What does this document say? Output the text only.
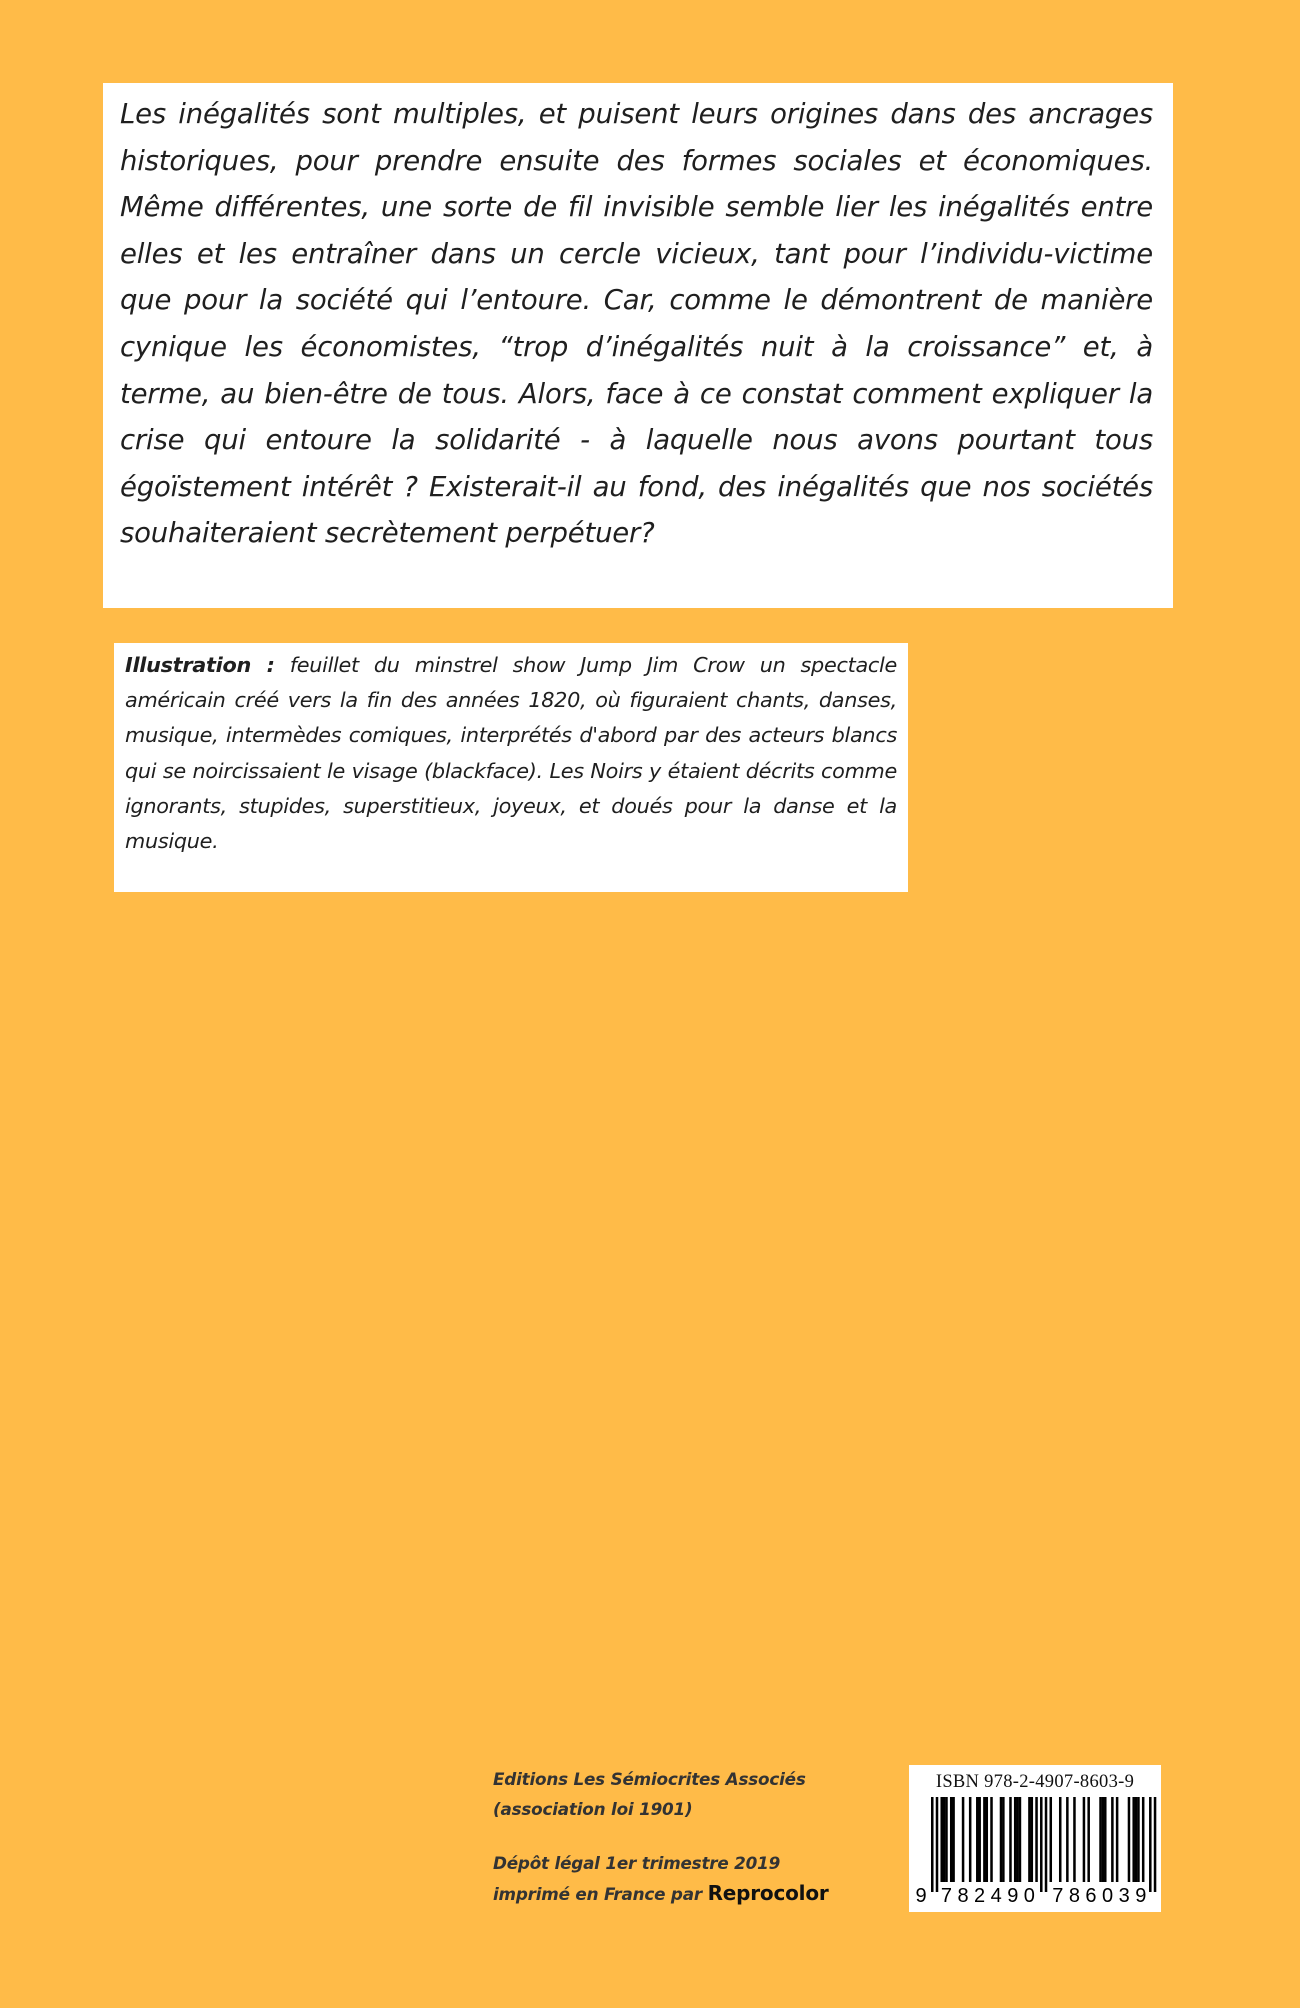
Les inégalités sont multiples, et puisent leurs origines dans des ancrages historiques, pour prendre ensuite des formes sociales et économiques. Même différentes, une sorte de fil invisible semble lier les inégalités entre elles et les entraîner dans un cercle vicieux, tant pour l’individu-victime que pour la société qui l’entoure. Car, comme le démontrent de manière cynique les économistes, “trop d’inégalités nuit à la croissance” et, à terme, au bien-être de tous. Alors, face à ce constat comment expliquer la crise qui entoure la solidarité - à laquelle nous avons pourtant tous égoïstement intérêt ? Existerait-il au fond, des inégalités que nos sociétés souhaiteraient secrètement perpétuer?
Illustration : feuillet du minstrel show Jump Jim Crow un spectacle américain créé vers la fin des années 1820, où figuraient chants, danses, musique, intermèdes comiques, interprétés d'abord par des acteurs blancs qui se noircissaient le visage (blackface). Les Noirs y étaient décrits comme ignorants, stupides, superstitieux, joyeux, et doués pour la danse et la musique.
Editions Les Sémiocrites Associés
(association loi 1901)
Dépôt légal 1er trimestre 2019
imprimé en France par Reprocolor
ISBN 978-2-4907-8603-9
9 7 8 2 4 9 0 7 8 6 0 3 9
